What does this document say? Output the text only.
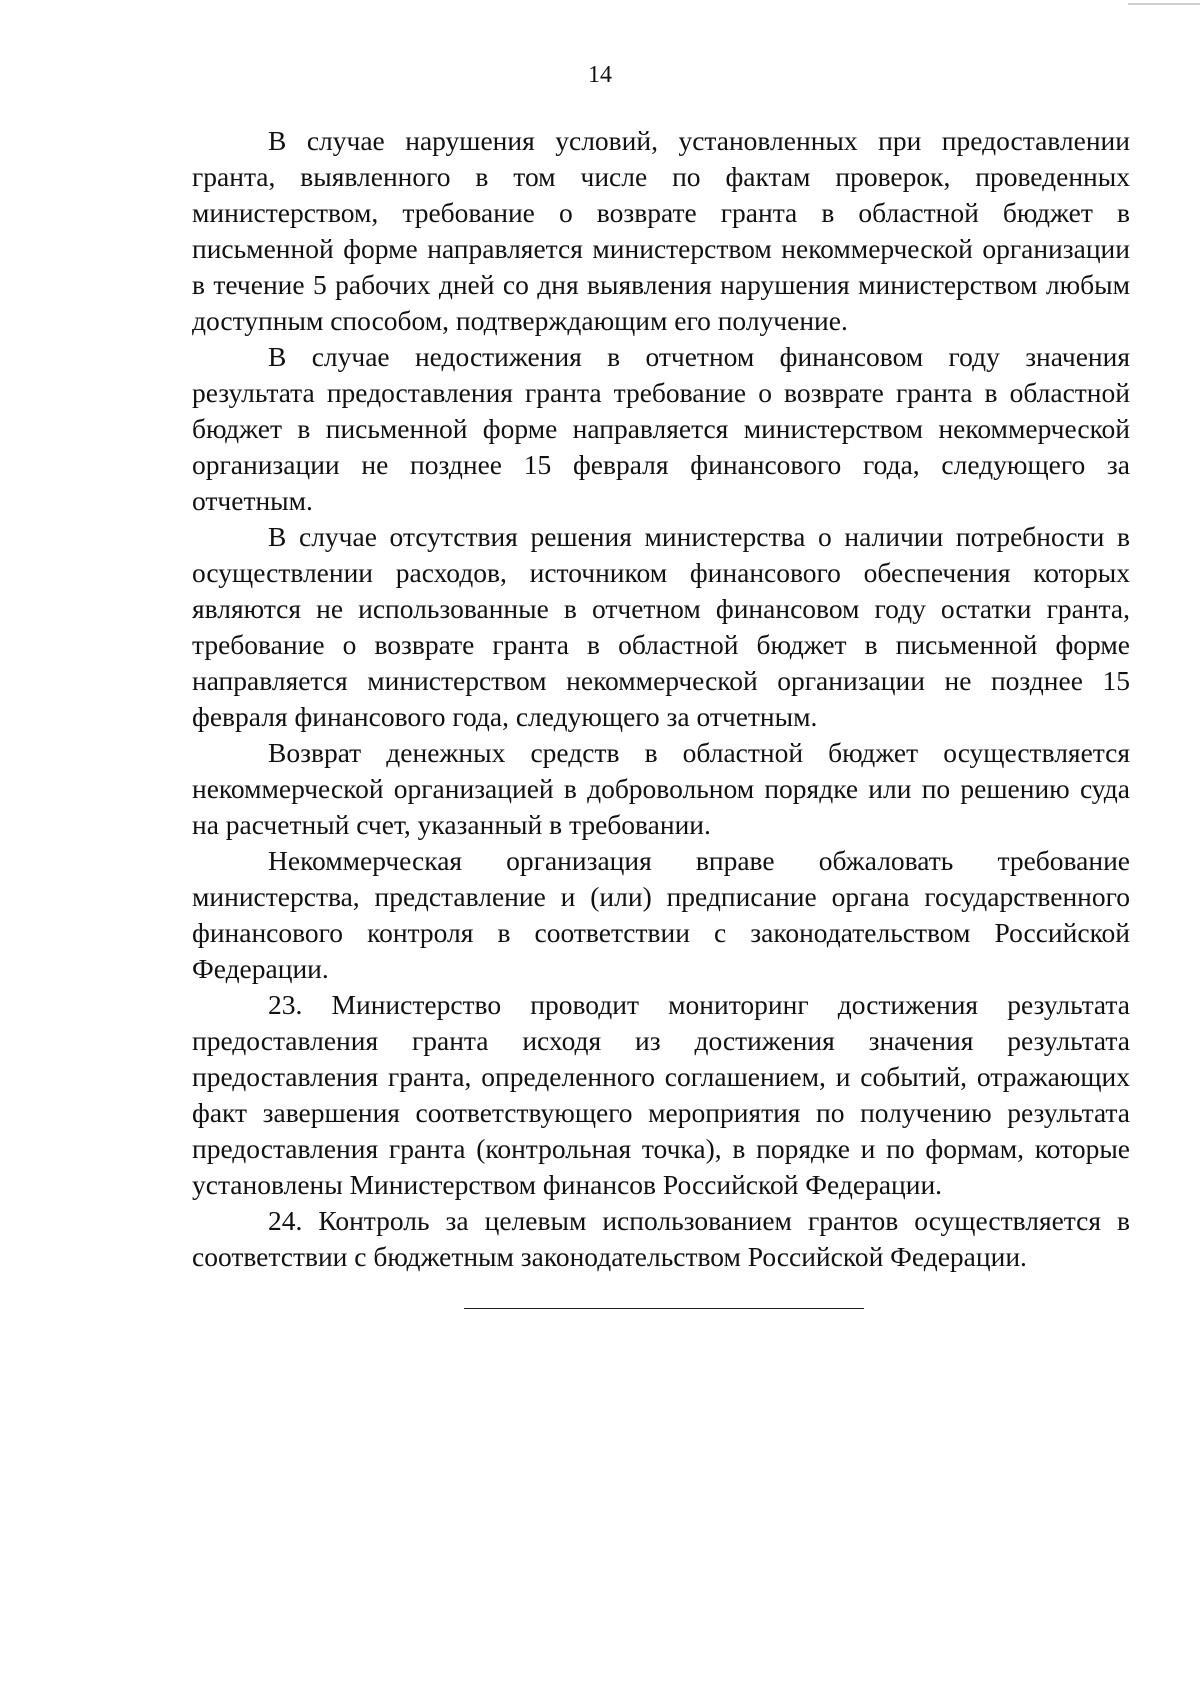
14

В случае нарушения условий, установленных при предоставлении гранта, выявленного в том числе по фактам проверок, проведенных министерством, требование о возврате гранта в областной бюджет в письменной форме направляется министерством некоммерческой организации в течение 5 рабочих дней со дня выявления нарушения министерством любым доступным способом, подтверждающим его получение.

В случае недостижения в отчетном финансовом году значения результата предоставления гранта требование о возврате гранта в областной бюджет в письменной форме направляется министерством некоммерческой организации не позднее 15 февраля финансового года, следующего за отчетным.

В случае отсутствия решения министерства о наличии потребности в осуществлении расходов, источником финансового обеспечения которых являются не использованные в отчетном финансовом году остатки гранта, требование о возврате гранта в областной бюджет в письменной форме направляется министерством некоммерческой организации не позднее 15 февраля финансового года, следующего за отчетным.

Возврат денежных средств в областной бюджет осуществляется некоммерческой организацией в добровольном порядке или по решению суда на расчетный счет, указанный в требовании.

Некоммерческая организация вправе обжаловать требование министерства, представление и (или) предписание органа государственного финансового контроля в соответствии с законодательством Российской Федерации.

23. Министерство проводит мониторинг достижения результата предоставления гранта исходя из достижения значения результата предоставления гранта, определенного соглашением, и событий, отражающих факт завершения соответствующего мероприятия по получению результата предоставления гранта (контрольная точка), в порядке и по формам, которые установлены Министерством финансов Российской Федерации.

24. Контроль за целевым использованием грантов осуществляется в соответствии с бюджетным законодательством Российской Федерации.
